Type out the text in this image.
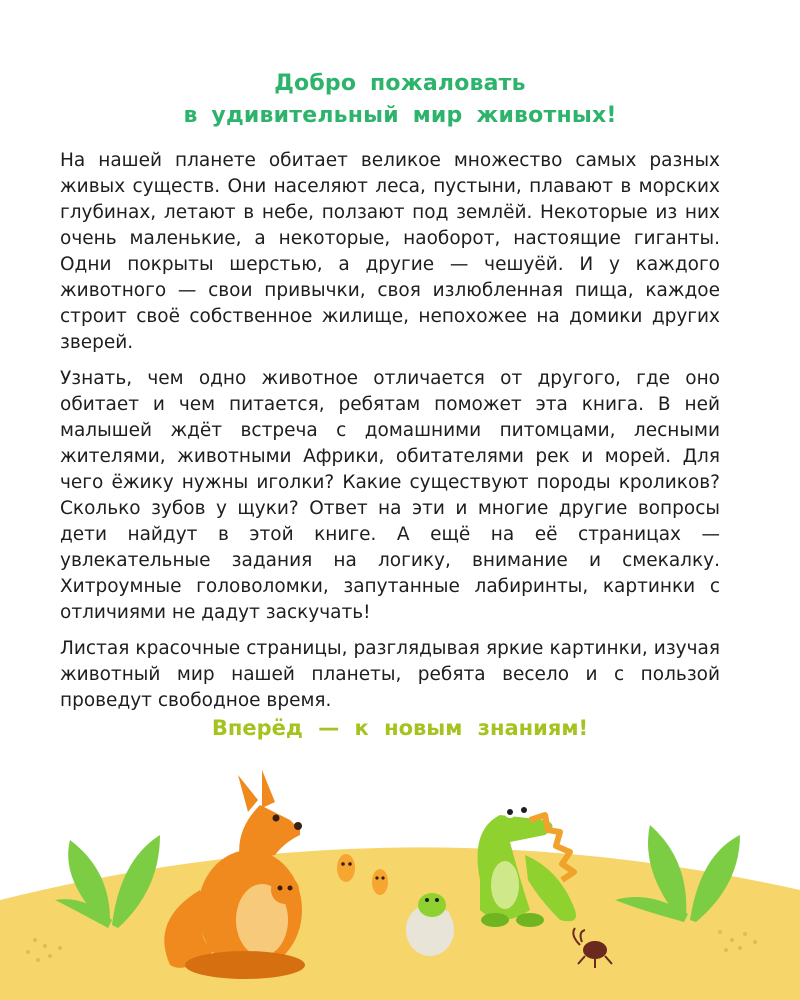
Добро пожаловать
в удивительный мир животных!

На нашей планете обитает великое множество самых разных живых существ. Они населяют леса, пустыни, плавают в морских глубинах, летают в небе, ползают под землёй. Некоторые из них очень маленькие, а некоторые, наоборот, настоящие гиганты. Одни покрыты шерстью, а другие — чешуёй. И у каждого животного — свои привычки, своя излюбленная пища, каждое строит своё собственное жилище, непохожее на домики других зверей.

Узнать, чем одно животное отличается от другого, где оно обитает и чем питается, ребятам поможет эта книга. В ней малышей ждёт встреча с домашними питомцами, лесными жителями, животными Африки, обитателями рек и морей. Для чего ёжику нужны иголки? Какие существуют породы кроликов? Сколько зубов у щуки? Ответ на эти и многие другие вопросы дети найдут в этой книге. А ещё на её страницах — увлекательные задания на логику, внимание и смекалку. Хитроумные головоломки, запутанные лабиринты, картинки с отличиями не дадут заскучать!

Листая красочные страницы, разглядывая яркие картинки, изучая животный мир нашей планеты, ребята весело и с пользой проведут свободное время.

Вперёд — к новым знаниям!
